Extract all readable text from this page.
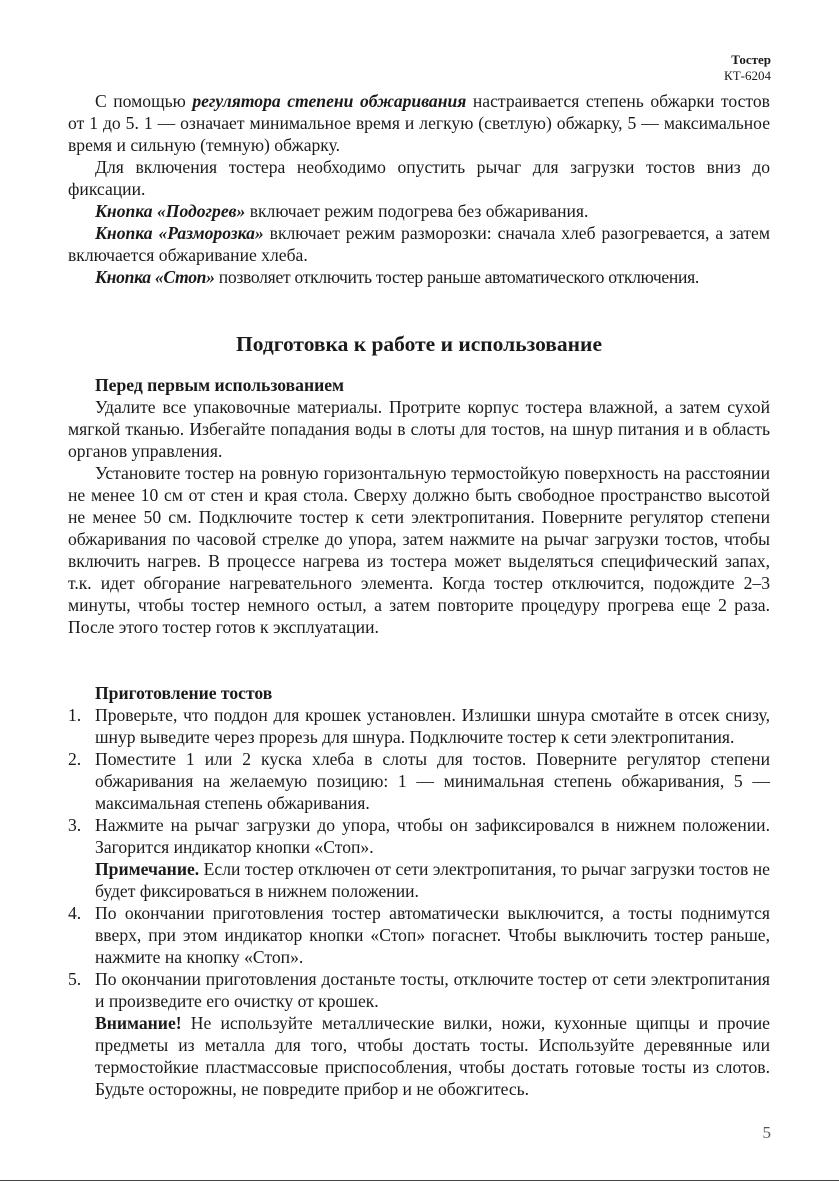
Тостер
КТ-6204

С помощью регулятора степени обжаривания настраивается степень обжарки тостов от 1 до 5. 1 — означает минимальное время и легкую (светлую) обжарку, 5 — максимальное время и сильную (темную) обжарку.

Для включения тостера необходимо опустить рычаг для загрузки тостов вниз до фиксации.

Кнопка «Подогрев» включает режим подогрева без обжаривания.

Кнопка «Разморозка» включает режим разморозки: сначала хлеб разогревается, а затем включается обжаривание хлеба.

Кнопка «Стоп» позволяет отключить тостер раньше автоматического отключения.

Подготовка к работе и использование

Перед первым использованием

Удалите все упаковочные материалы. Протрите корпус тостера влажной, а затем сухой мягкой тканью. Избегайте попадания воды в слоты для тостов, на шнур питания и в область органов управления.

Установите тостер на ровную горизонтальную термостойкую поверхность на расстоянии не менее 10 см от стен и края стола. Сверху должно быть свободное пространство высотой не менее 50 см. Подключите тостер к сети электропитания. Поверните регулятор степени обжаривания по часовой стрелке до упора, затем нажмите на рычаг загрузки тостов, чтобы включить нагрев. В процессе нагрева из тостера может выделяться специфический запах, т.к. идет обгорание нагревательного элемента. Когда тостер отключится, подождите 2–3 минуты, чтобы тостер немного остыл, а затем повторите процедуру прогрева еще 2 раза. После этого тостер готов к эксплуатации.

Приготовление тостов

1. Проверьте, что поддон для крошек установлен. Излишки шнура смотайте в отсек снизу, шнур выведите через прорезь для шнура. Подключите тостер к сети электропитания.
2. Поместите 1 или 2 куска хлеба в слоты для тостов. Поверните регулятор степени обжаривания на желаемую позицию: 1 — минимальная степень обжаривания, 5 — максимальная степень обжаривания.
3. Нажмите на рычаг загрузки до упора, чтобы он зафиксировался в нижнем положении. Загорится индикатор кнопки «Стоп».

Примечание. Если тостер отключен от сети электропитания, то рычаг загрузки тостов не будет фиксироваться в нижнем положении.

4. По окончании приготовления тостер автоматически выключится, а тосты поднимутся вверх, при этом индикатор кнопки «Стоп» погаснет. Чтобы выключить тостер раньше, нажмите на кнопку «Стоп».
5. По окончании приготовления достаньте тосты, отключите тостер от сети электропитания и произведите его очистку от крошек.

Внимание! Не используйте металлические вилки, ножи, кухонные щипцы и прочие предметы из металла для того, чтобы достать тосты. Используйте деревянные или термостойкие пластмассовые приспособления, чтобы достать готовые тосты из слотов. Будьте осторожны, не повредите прибор и не обожгитесь.

5
